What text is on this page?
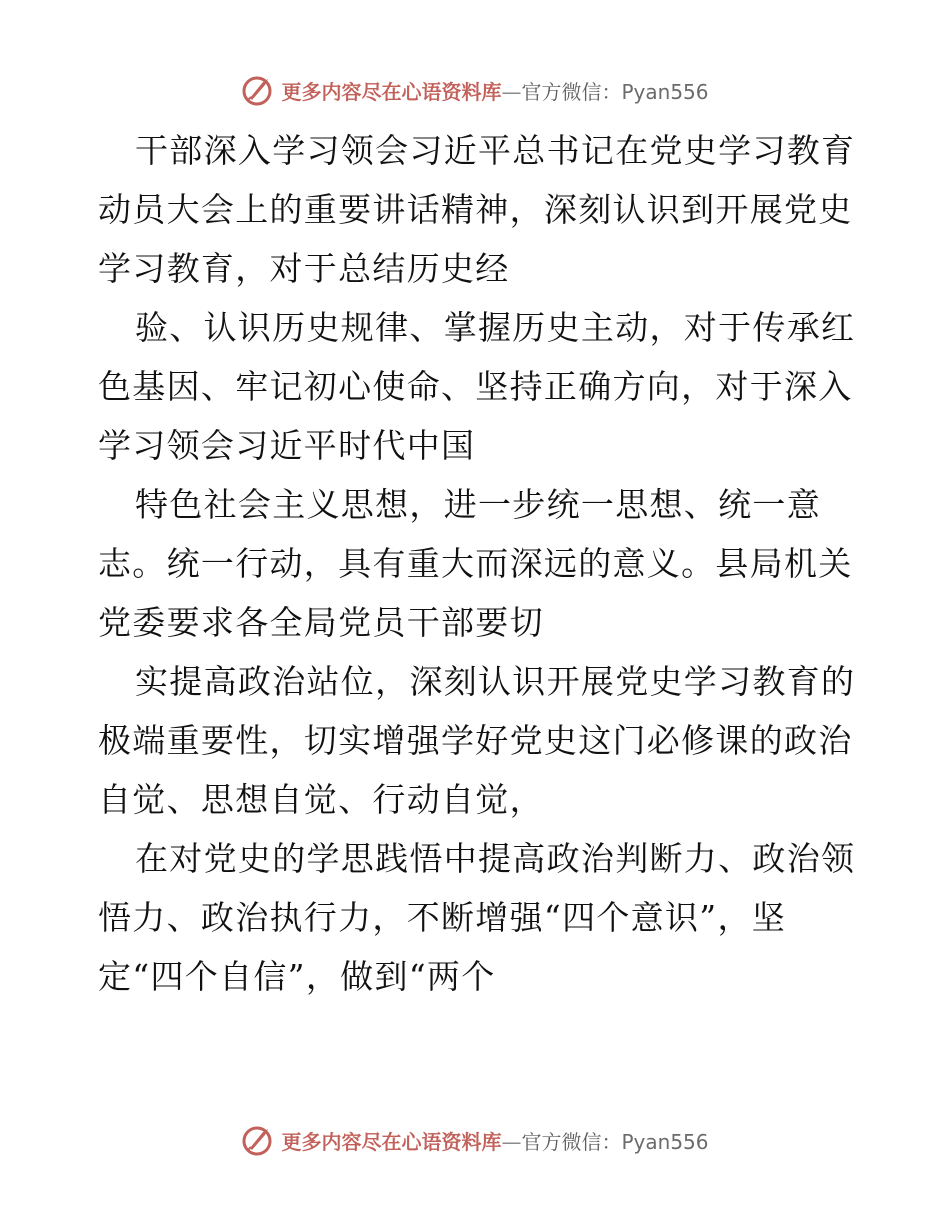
更多内容尽在心语资料库—官方微信：Pyan556
干部深入学习领会习近平总书记在党史学习教育
动员大会上的重要讲话精神，深刻认识到开展党史
学习教育，对于总结历史经
验、认识历史规律、掌握历史主动，对于传承红
色基因、牢记初心使命、坚持正确方向，对于深入
学习领会习近平时代中国
特色社会主义思想，进一步统一思想、统一意
志。统一行动，具有重大而深远的意义。县局机关
党委要求各全局党员干部要切
实提高政治站位，深刻认识开展党史学习教育的
极端重要性，切实增强学好党史这门必修课的政治
自觉、思想自觉、行动自觉，
在对党史的学思践悟中提高政治判断力、政治领
悟力、政治执行力，不断增强“四个意识”，坚
定“四个自信”，做到“两个
更多内容尽在心语资料库—官方微信：Pyan556
